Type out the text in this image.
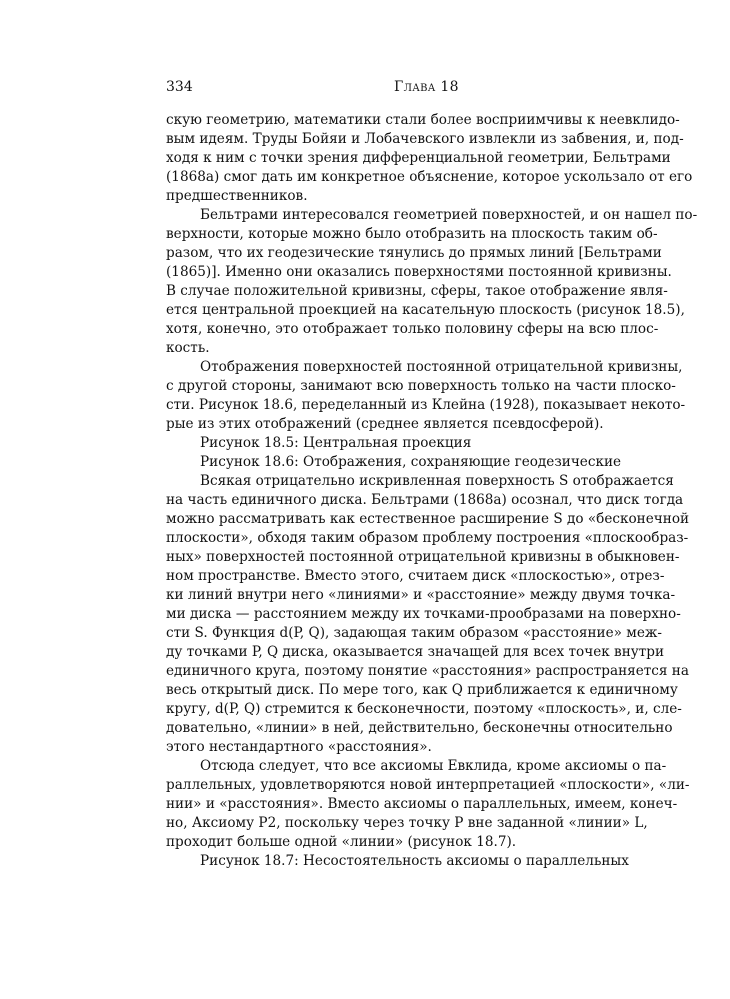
334	Глава 18
скую геометрию, математики стали более восприимчивы к неевклидо-
вым идеям. Труды Бойяи и Лобачевского извлекли из забвения, и, под-
ходя к ним с точки зрения дифференциальной геометрии, Бельтрами
(1868а) смог дать им конкретное объяснение, которое ускользало от его
предшественников.
Бельтрами интересовался геометрией поверхностей, и он нашел по-
верхности, которые можно было отобразить на плоскость таким об-
разом, что их геодезические тянулись до прямых линий [Бельтрами
(1865)]. Именно они оказались поверхностями постоянной кривизны.
В случае положительной кривизны, сферы, такое отображение явля-
ется центральной проекцией на касательную плоскость (рисунок 18.5),
хотя, конечно, это отображает только половину сферы на всю плос-
кость.
Отображения поверхностей постоянной отрицательной кривизны,
с другой стороны, занимают всю поверхность только на части плоско-
сти. Рисунок 18.6, переделанный из Клейна (1928), показывает некото-
рые из этих отображений (среднее является псевдосферой).
Рисунок 18.5: Центральная проекция
Рисунок 18.6: Отображения, сохраняющие геодезические
Всякая отрицательно искривленная поверхность S отображается
на часть единичного диска. Бельтрами (1868а) осознал, что диск тогда
можно рассматривать как естественное расширение S до «бесконечной
плоскости», обходя таким образом проблему построения «плоскообраз-
ных» поверхностей постоянной отрицательной кривизны в обыкновен-
ном пространстве. Вместо этого, считаем диск «плоскостью», отрез-
ки линий внутри него «линиями» и «расстояние» между двумя точка-
ми диска — расстоянием между их точками-прообразами на поверхно-
сти S. Функция d(P, Q), задающая таким образом «расстояние» меж-
ду точками P, Q диска, оказывается значащей для всех точек внутри
единичного круга, поэтому понятие «расстояния» распространяется на
весь открытый диск. По мере того, как Q приближается к единичному
кругу, d(P, Q) стремится к бесконечности, поэтому «плоскость», и, сле-
довательно, «линии» в ней, действительно, бесконечны относительно
этого нестандартного «расстояния».
Отсюда следует, что все аксиомы Евклида, кроме аксиомы о па-
раллельных, удовлетворяются новой интерпретацией «плоскости», «ли-
нии» и «расстояния». Вместо аксиомы о параллельных, имеем, конеч-
но, Аксиому P2, поскольку через точку P вне заданной «линии» L,
проходит больше одной «линии» (рисунок 18.7).
Рисунок 18.7: Несостоятельность аксиомы о параллельных
